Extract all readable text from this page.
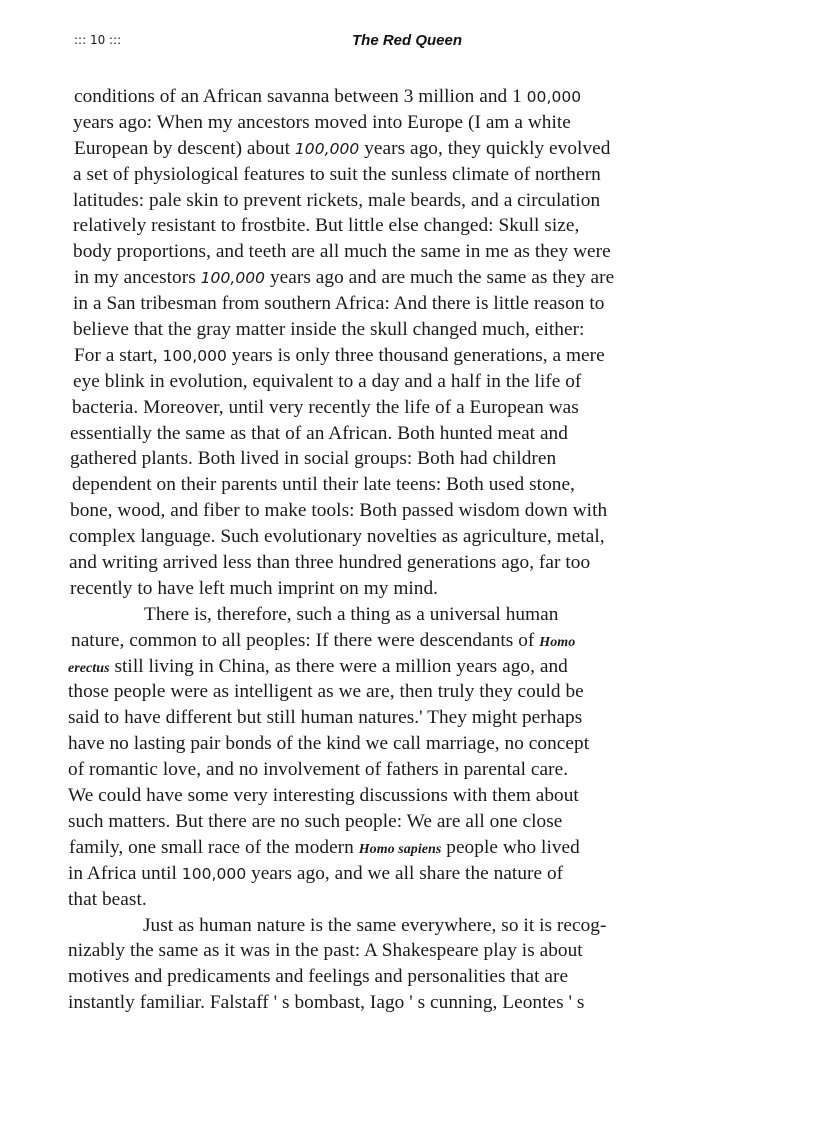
::: 10 :::	The Red Queen
conditions of an African savanna between 3 million and 1 00,000
years ago: When my ancestors moved into Europe (I am a white
European by descent) about 100,000 years ago, they quickly evolved
a set of physiological features to suit the sunless climate of northern
latitudes: pale skin to prevent rickets, male beards, and a circulation
relatively resistant to frostbite. But little else changed: Skull size,
body proportions, and teeth are all much the same in me as they were
in my ancestors 100,000 years ago and are much the same as they are
in a San tribesman from southern Africa: And there is little reason to
believe that the gray matter inside the skull changed much, either:
For a start, 100,000 years is only three thousand generations, a mere
eye blink in evolution, equivalent to a day and a half in the life of
bacteria. Moreover, until very recently the life of a European was
essentially the same as that of an African. Both hunted meat and
gathered plants. Both lived in social groups: Both had children
dependent on their parents until their late teens: Both used stone,
bone, wood, and fiber to make tools: Both passed wisdom down with
complex language. Such evolutionary novelties as agriculture, metal,
and writing arrived less than three hundred generations ago, far too
recently to have left much imprint on my mind.
There is, therefore, such a thing as a universal human
nature, common to all peoples: If there were descendants of Homo
erectus still living in China, as there were a million years ago, and
those people were as intelligent as we are, then truly they could be
said to have different but still human natures.' They might perhaps
have no lasting pair bonds of the kind we call marriage, no concept
of romantic love, and no involvement of fathers in parental care.
We could have some very interesting discussions with them about
such matters. But there are no such people: We are all one close
family, one small race of the modern Homo sapiens people who lived
in Africa until 100,000 years ago, and we all share the nature of
that beast.
Just as human nature is the same everywhere, so it is recog-
nizably the same as it was in the past: A Shakespeare play is about
motives and predicaments and feelings and personalities that are
instantly familiar. Falstaff ' s bombast, Iago ' s cunning, Leontes ' s
